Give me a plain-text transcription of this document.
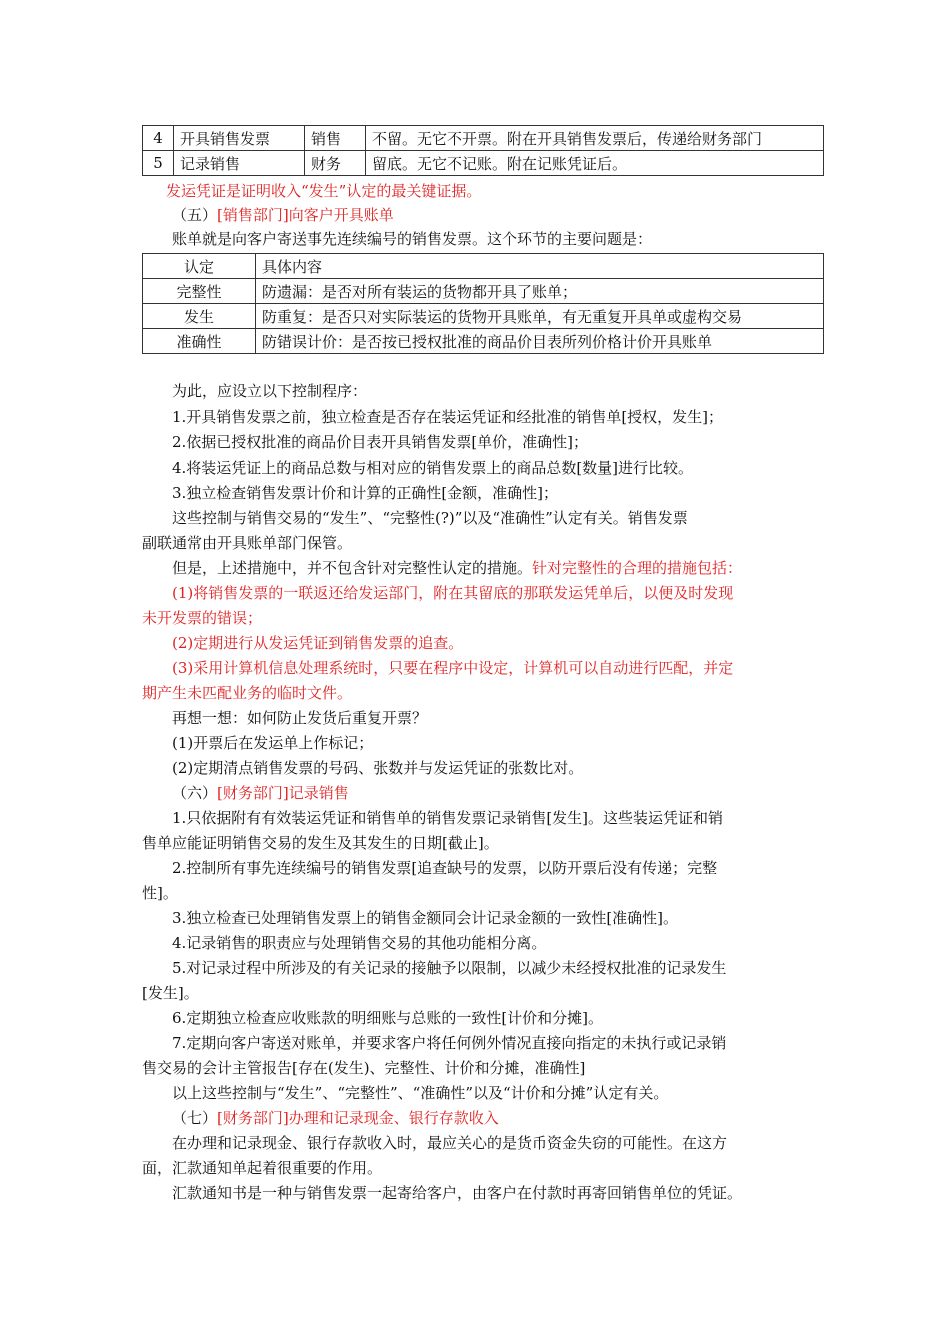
4	开具销售发票	销售	不留。无它不开票。附在开具销售发票后，传递给财务部门
5	记录销售	财务	留底。无它不记账。附在记账凭证后。
发运凭证是证明收入“发生”认定的最关键证据。
（五）[销售部门]向客户开具账单
账单就是向客户寄送事先连续编号的销售发票。这个环节的主要问题是：
认定	具体内容
完整性	防遗漏：是否对所有装运的货物都开具了账单；
发生	防重复：是否只对实际装运的货物开具账单，有无重复开具单或虚构交易
准确性	防错误计价：是否按已授权批准的商品价目表所列价格计价开具账单
为此，应设立以下控制程序：
1.开具销售发票之前，独立检查是否存在装运凭证和经批准的销售单[授权，发生]；
2.依据已授权批准的商品价目表开具销售发票[单价，准确性]；
4.将装运凭证上的商品总数与相对应的销售发票上的商品总数[数量]进行比较。
3.独立检查销售发票计价和计算的正确性[金额，准确性]；
这些控制与销售交易的“发生”、“完整性(?)”以及“准确性”认定有关。销售发票
副联通常由开具账单部门保管。
但是，上述措施中，并不包含针对完整性认定的措施。针对完整性的合理的措施包括：
(1)将销售发票的一联返还给发运部门，附在其留底的那联发运凭单后，以便及时发现
未开发票的错误；
(2)定期进行从发运凭证到销售发票的追查。
(3)采用计算机信息处理系统时，只要在程序中设定，计算机可以自动进行匹配，并定
期产生未匹配业务的临时文件。
再想一想：如何防止发货后重复开票？
(1)开票后在发运单上作标记；
(2)定期清点销售发票的号码、张数并与发运凭证的张数比对。
（六）[财务部门]记录销售
1.只依据附有有效装运凭证和销售单的销售发票记录销售[发生]。这些装运凭证和销
售单应能证明销售交易的发生及其发生的日期[截止]。
2.控制所有事先连续编号的销售发票[追查缺号的发票，以防开票后没有传递；完整
性]。
3.独立检查已处理销售发票上的销售金额同会计记录金额的一致性[准确性]。
4.记录销售的职责应与处理销售交易的其他功能相分离。
5.对记录过程中所涉及的有关记录的接触予以限制，以减少未经授权批准的记录发生
[发生]。
6.定期独立检查应收账款的明细账与总账的一致性[计价和分摊]。
7.定期向客户寄送对账单，并要求客户将任何例外情况直接向指定的未执行或记录销
售交易的会计主管报告[存在(发生)、完整性、计价和分摊，准确性]
以上这些控制与“发生”、“完整性”、“准确性”以及“计价和分摊”认定有关。
（七）[财务部门]办理和记录现金、银行存款收入
在办理和记录现金、银行存款收入时，最应关心的是货币资金失窃的可能性。在这方
面，汇款通知单起着很重要的作用。
汇款通知书是一种与销售发票一起寄给客户，由客户在付款时再寄回销售单位的凭证。
